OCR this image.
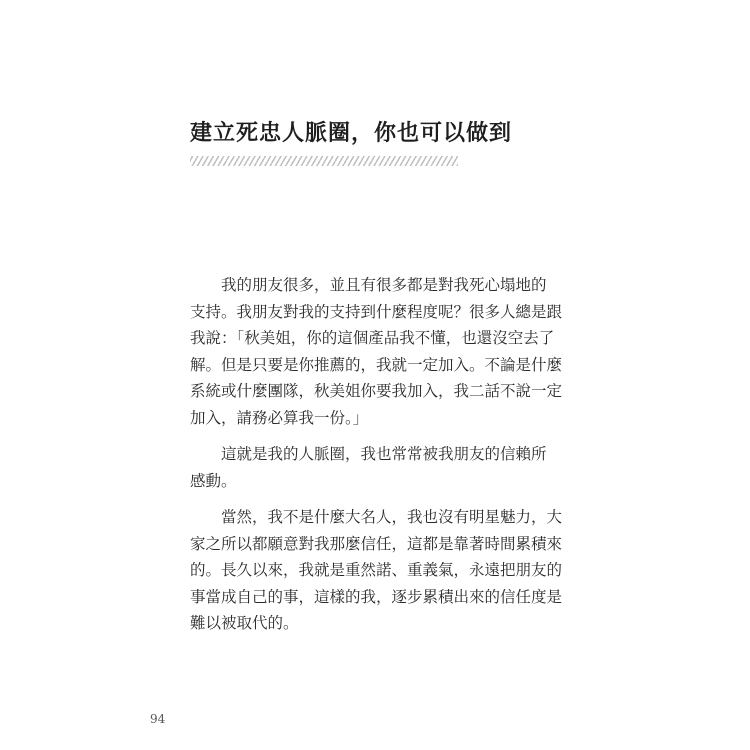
建立死忠人脈圈，你也可以做到

　　我的朋友很多，並且有很多都是對我死心塌地的
支持。我朋友對我的支持到什麼程度呢？很多人總是跟
我說：「秋美姐，你的這個產品我不懂，也還沒空去了
解。但是只要是你推薦的，我就一定加入。不論是什麼
系統或什麼團隊，秋美姐你要我加入，我二話不說一定
加入，請務必算我一份。」

　　這就是我的人脈圈，我也常常被我朋友的信賴所
感動。

　　當然，我不是什麼大名人，我也沒有明星魅力，大
家之所以都願意對我那麼信任，這都是靠著時間累積來
的。長久以來，我就是重然諾、重義氣，永遠把朋友的
事當成自己的事，這樣的我，逐步累積出來的信任度是
難以被取代的。

94
